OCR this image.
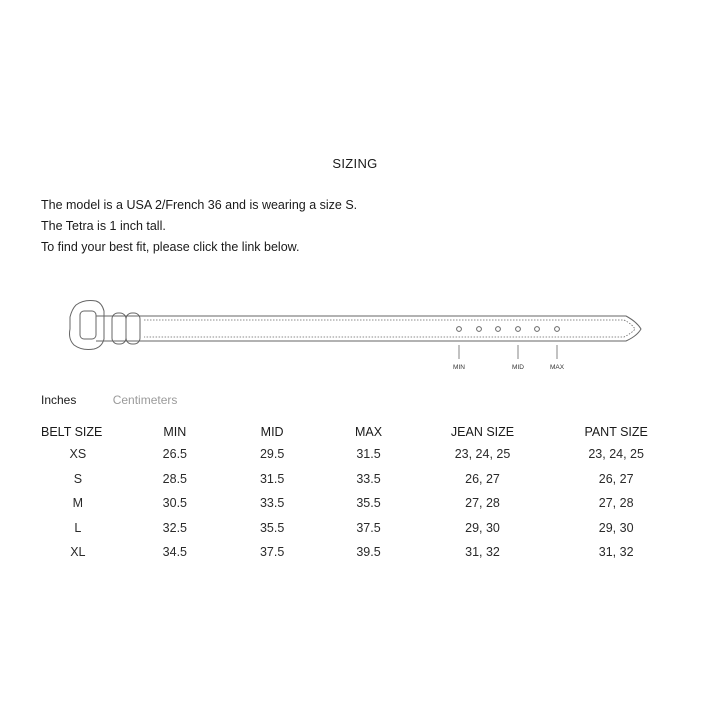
SIZING
The model is a USA 2/French 36 and is wearing a size S.
The Tetra is 1 inch tall.
To find your best fit, please click the link below.
MIN	MID	MAX
Inches	Centimeters
BELT SIZE	MIN	MID	MAX	JEAN SIZE	PANT SIZE
XS	26.5	29.5	31.5	23, 24, 25	23, 24, 25
S	28.5	31.5	33.5	26, 27	26, 27
M	30.5	33.5	35.5	27, 28	27, 28
L	32.5	35.5	37.5	29, 30	29, 30
XL	34.5	37.5	39.5	31, 32	31, 32
